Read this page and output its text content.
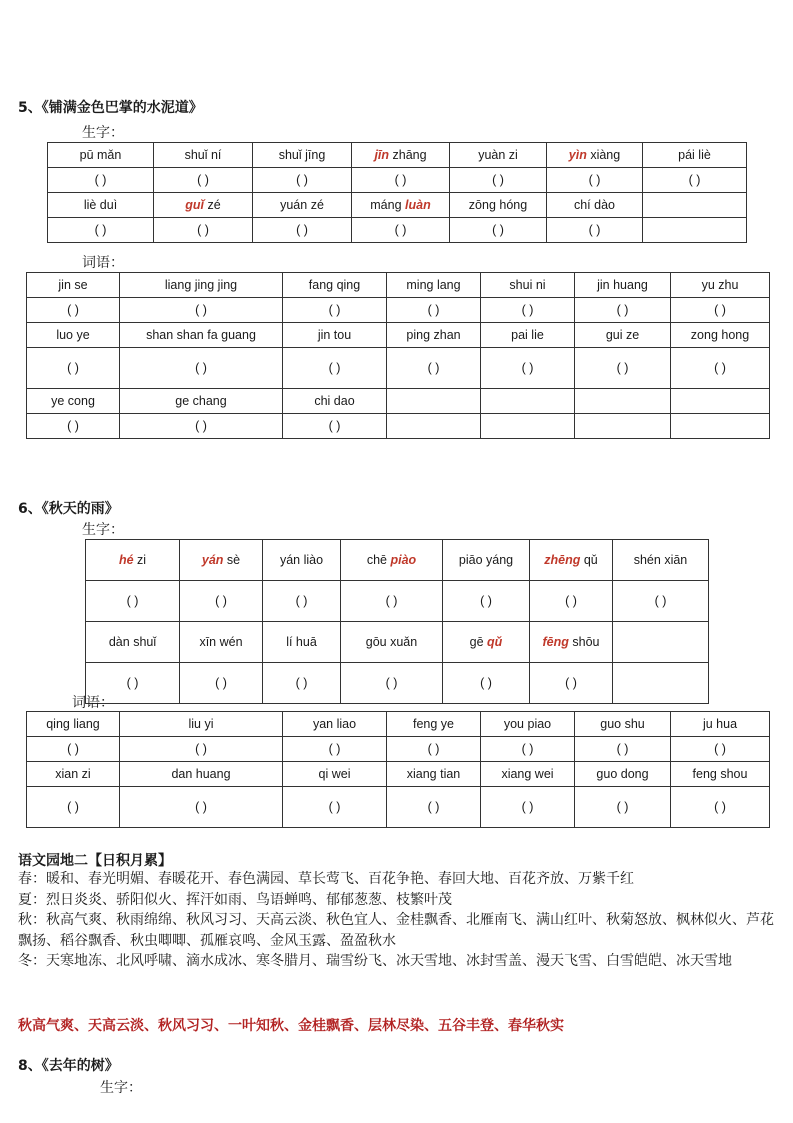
5、《铺满金色巴掌的水泥道》
生字：
pū mǎn	shuǐ ní	shuǐ jīng	jīn zhāng	yuàn zi	yìn xiàng	pái liè
( )	( )	( )	( )	( )	( )	( )
liè duì	guǐ zé	yuán zé	máng luàn	zōng hóng	chí dào	
( )	( )	( )	( )	( )	( )	
词语：
jin se	liang jing jing	fang qing	ming lang	shui ni	jin huang	yu zhu
( )	( )	( )	( )	( )	( )	( )
luo ye	shan shan fa guang	jin tou	ping zhan	pai lie	gui ze	zong hong
( )	( )	( )	( )	( )	( )	( )
ye cong	ge chang	chi dao				
( )	( )	( )				
6、《秋天的雨》
生字：
hé zi	yán sè	yán liào	chē piào	piāo yáng	zhēng qǔ	shén xiān
( )	( )	( )	( )	( )	( )	( )
dàn shuǐ	xīn wén	lí huā	gōu xuǎn	gē qǔ	fēng shōu	
( )	( )	( )	( )	( )	( )	
词语：
qing liang	liu yi	yan liao	feng ye	you piao	guo shu	ju hua
( )	( )	( )	( )	( )	( )	( )
xian zi	dan huang	qi wei	xiang tian	xiang wei	guo dong	feng shou
( )	( )	( )	( )	( )	( )	( )
语文园地二【日积月累】
春：暖和、春光明媚、春暖花开、春色满园、草长莺飞、百花争艳、春回大地、百花齐放、万紫千红
夏：烈日炎炎、骄阳似火、挥汗如雨、鸟语蝉鸣、郁郁葱葱、枝繁叶茂
秋：秋高气爽、秋雨绵绵、秋风习习、天高云淡、秋色宜人、金桂飘香、北雁南飞、满山红叶、秋菊怒放、枫林似火、芦花飘扬、稻谷飘香、秋虫唧唧、孤雁哀鸣、金风玉露、盈盈秋水
冬：天寒地冻、北风呼啸、滴水成冰、寒冬腊月、瑞雪纷飞、冰天雪地、冰封雪盖、漫天飞雪、白雪皑皑、冰天雪地
秋高气爽、天高云淡、秋风习习、一叶知秋、金桂飘香、层林尽染、五谷丰登、春华秋实
8、《去年的树》
生字：
